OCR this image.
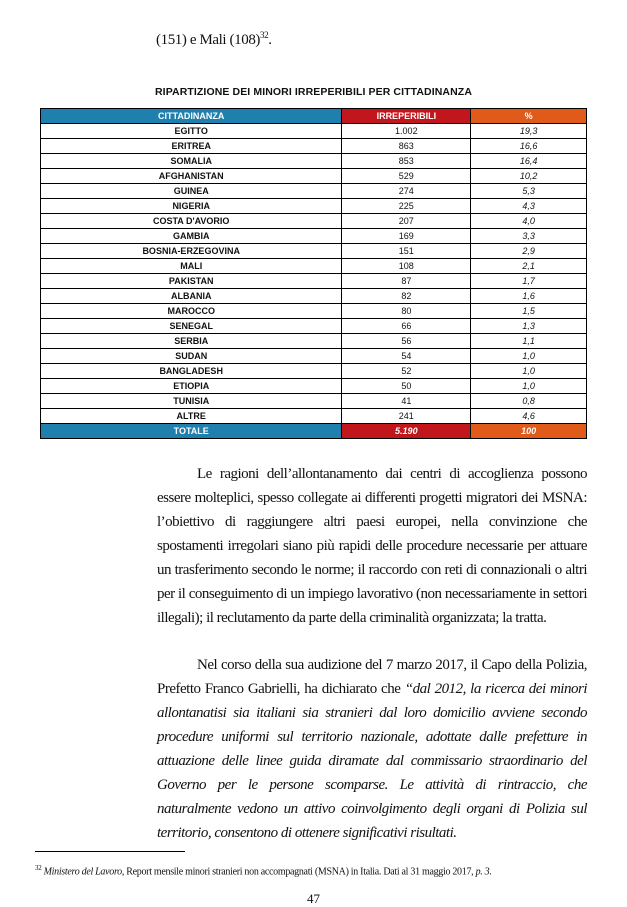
(151) e Mali $(108)^{32}$.
RIPARTIZIONE DEI MINORI IRREPERIBILI PER CITTADINANZA
CITTADINANZA	IRREPERIBILI	%
EGITTO	1.002	19,3
ERITREA	863	16,6
SOMALIA	853	16,4
AFGHANISTAN	529	10,2
GUINEA	274	5,3
NIGERIA	225	4,3
COSTA D'AVORIO	207	4,0
GAMBIA	169	3,3
BOSNIA-ERZEGOVINA	151	2,9
MALI	108	2,1
PAKISTAN	87	1,7
ALBANIA	82	1,6
MAROCCO	80	1,5
SENEGAL	66	1,3
SERBIA	56	1,1
SUDAN	54	1,0
BANGLADESH	52	1,0
ETIOPIA	50	1,0
TUNISIA	41	0,8
ALTRE	241	4,6
TOTALE	5.190	100

Le ragioni dell’allontanamento dai centri di accoglienza possono essere molteplici, spesso collegate ai differenti progetti migratori dei MSNA: l’obiettivo di raggiungere altri paesi europei, nella convinzione che spostamenti irregolari siano più rapidi delle procedure necessarie per attuare un trasferimento secondo le norme; il raccordo con reti di connazionali o altri per il conseguimento di un impiego lavorativo (non necessariamente in settori illegali); il reclutamento da parte della criminalità organizzata; la tratta.

Nel corso della sua audizione del 7 marzo 2017, il Capo della Polizia, Prefetto Franco Gabrielli, ha dichiarato che “dal 2012, la ricerca dei minori allontanatisi sia italiani sia stranieri dal loro domicilio avviene secondo procedure uniformi sul territorio nazionale, adottate dalle prefetture in attuazione delle linee guida diramate dal commissario straordinario del Governo per le persone scomparse. Le attività di rintraccio, che naturalmente vedono un attivo coinvolgimento degli organi di Polizia sul territorio, consentono di ottenere significativi risultati.

$^{32}$ Ministero del Lavoro, Report mensile minori stranieri non accompagnati (MSNA) in Italia. Dati al 31 maggio 2017, p. 3.
47
